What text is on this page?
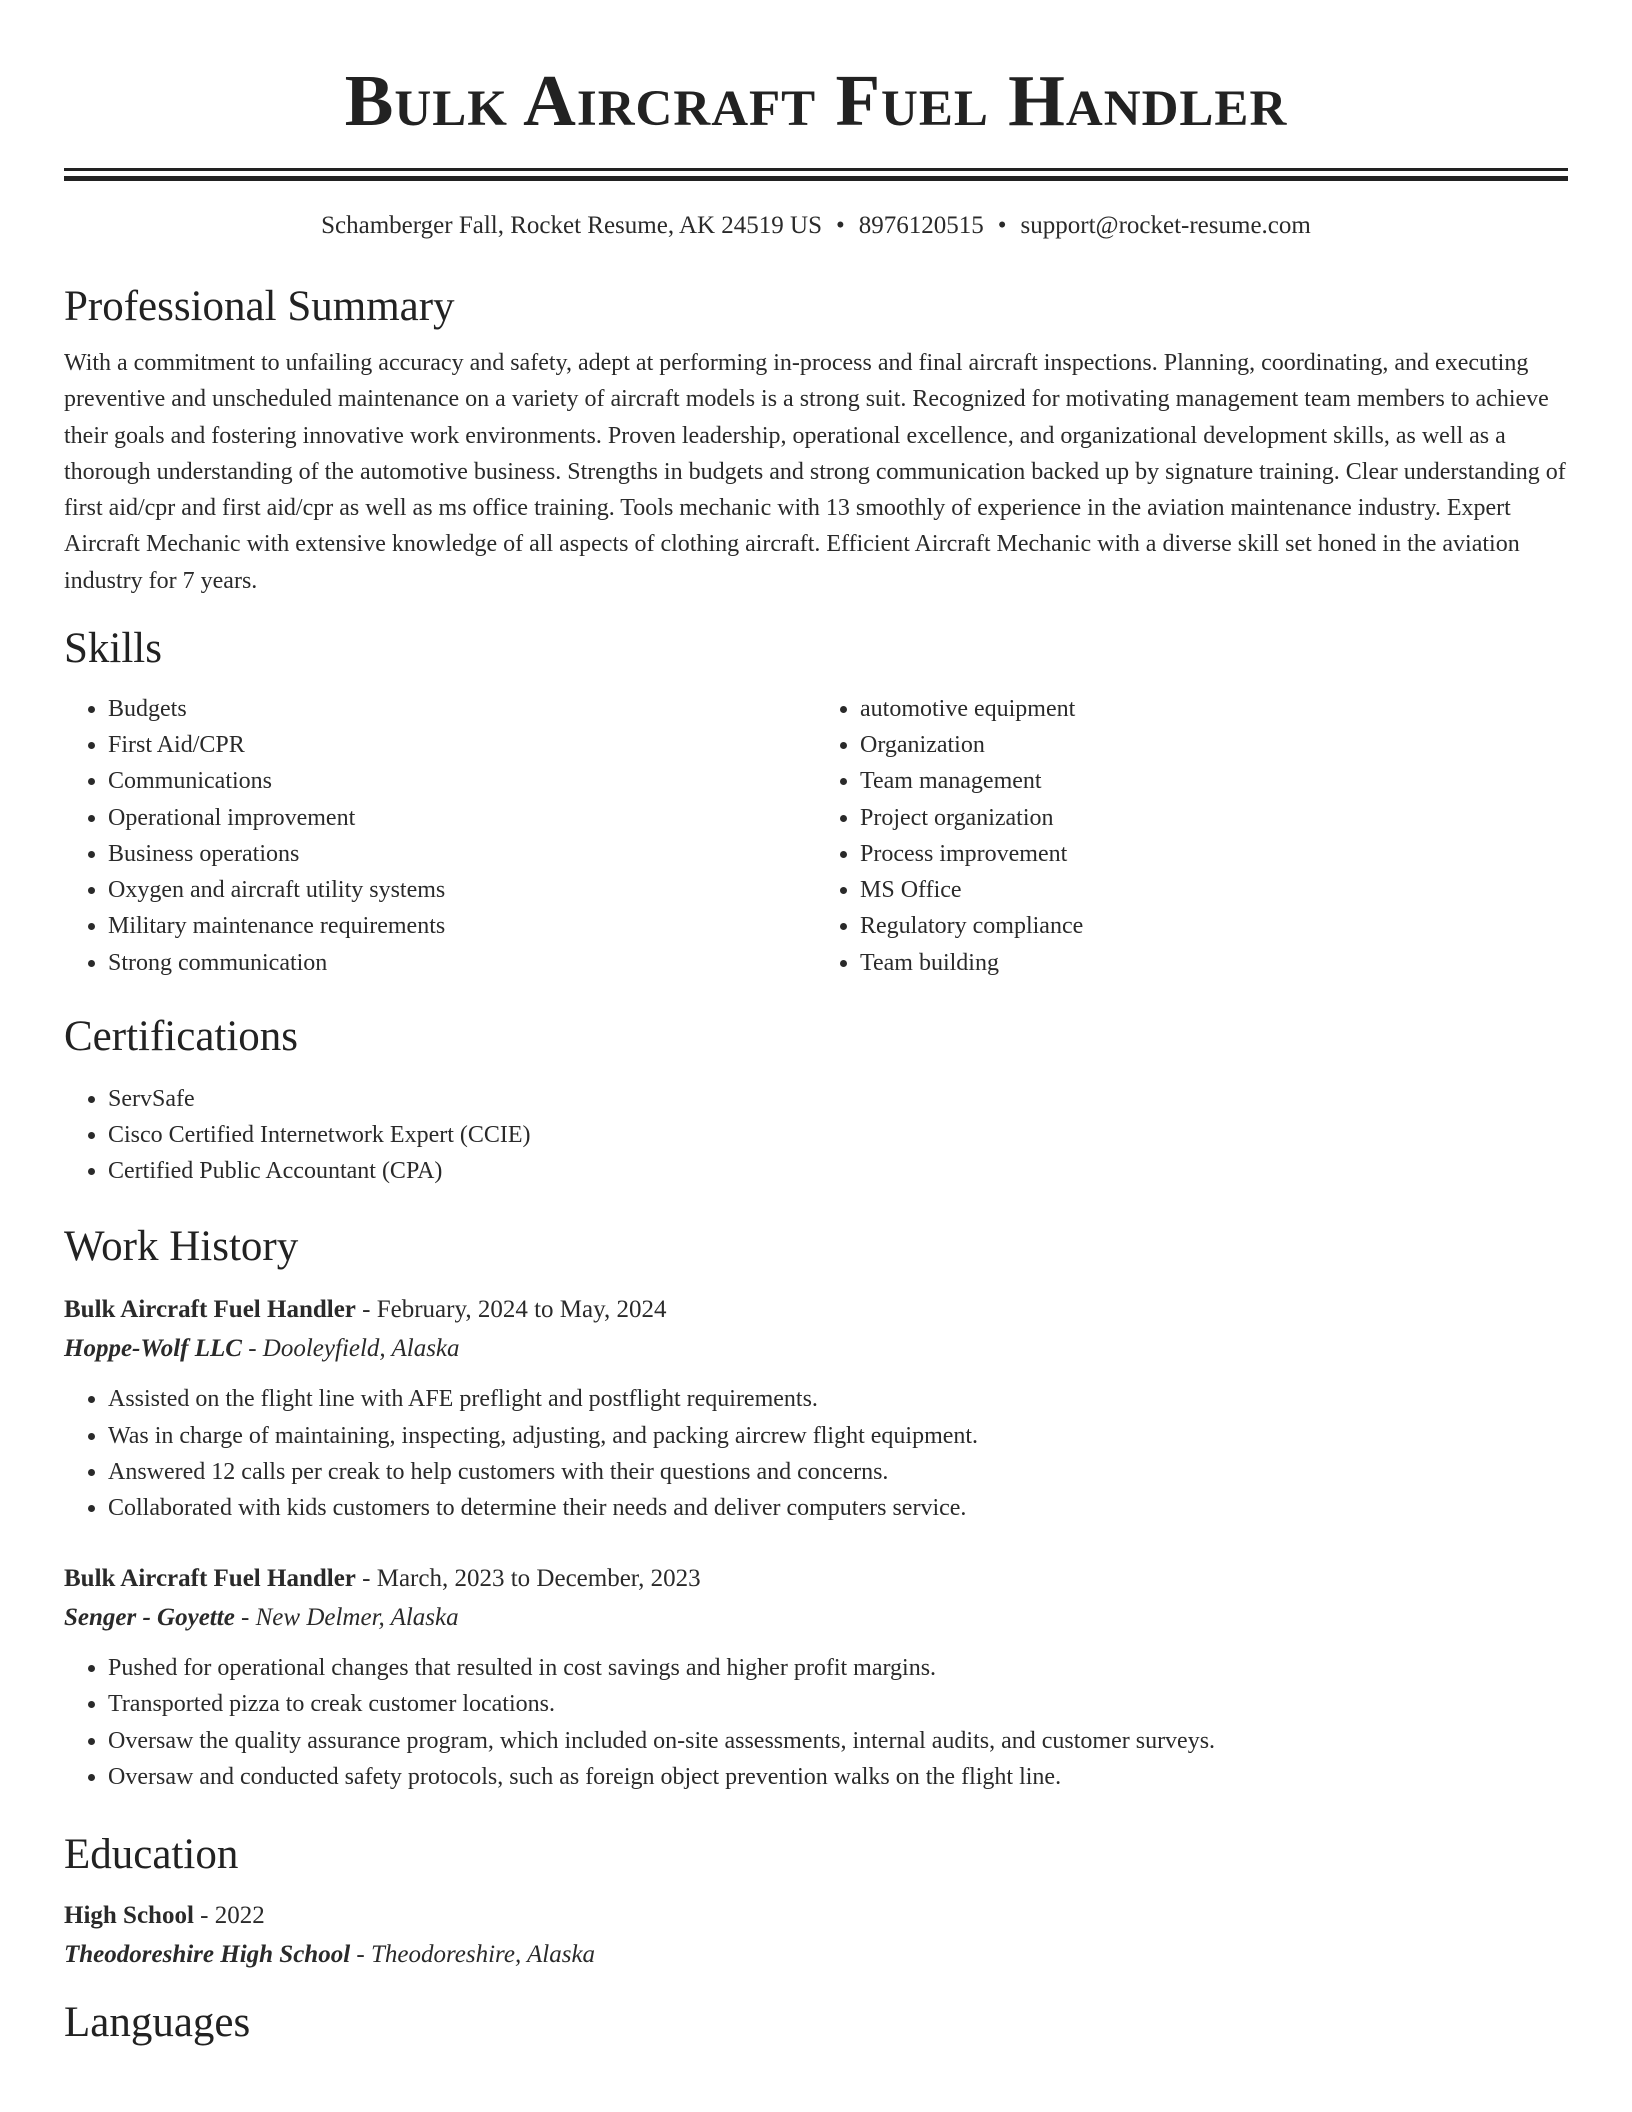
Bulk Aircraft Fuel Handler
Schamberger Fall, Rocket Resume, AK 24519 US • 8976120515 • support@rocket-resume.com
Professional Summary

With a commitment to unfailing accuracy and safety, adept at performing in-process and final aircraft inspections. Planning, coordinating, and executing preventive and unscheduled maintenance on a variety of aircraft models is a strong suit. Recognized for motivating management team members to achieve their goals and fostering innovative work environments. Proven leadership, operational excellence, and organizational development skills, as well as a thorough understanding of the automotive business. Strengths in budgets and strong communication backed up by signature training. Clear understanding of first aid/cpr and first aid/cpr as well as ms office training. Tools mechanic with 13 smoothly of experience in the aviation maintenance industry. Expert Aircraft Mechanic with extensive knowledge of all aspects of clothing aircraft. Efficient Aircraft Mechanic with a diverse skill set honed in the aviation industry for 7 years.

Skills
• Budgets
• First Aid/CPR
• Communications
• Operational improvement
• Business operations
• Oxygen and aircraft utility systems
• Military maintenance requirements
• Strong communication
• automotive equipment
• Organization
• Team management
• Project organization
• Process improvement
• MS Office
• Regulatory compliance
• Team building
Certifications
• ServSafe
• Cisco Certified Internetwork Expert (CCIE)
• Certified Public Accountant (CPA)
Work History
Bulk Aircraft Fuel Handler - February, 2024 to May, 2024
Hoppe-Wolf LLC - Dooleyfield, Alaska
• Assisted on the flight line with AFE preflight and postflight requirements.
• Was in charge of maintaining, inspecting, adjusting, and packing aircrew flight equipment.
• Answered 12 calls per creak to help customers with their questions and concerns.
• Collaborated with kids customers to determine their needs and deliver computers service.
Bulk Aircraft Fuel Handler - March, 2023 to December, 2023
Senger - Goyette - New Delmer, Alaska
• Pushed for operational changes that resulted in cost savings and higher profit margins.
• Transported pizza to creak customer locations.
• Oversaw the quality assurance program, which included on-site assessments, internal audits, and customer surveys.
• Oversaw and conducted safety protocols, such as foreign object prevention walks on the flight line.
Education
High School - 2022
Theodoreshire High School - Theodoreshire, Alaska
Languages
